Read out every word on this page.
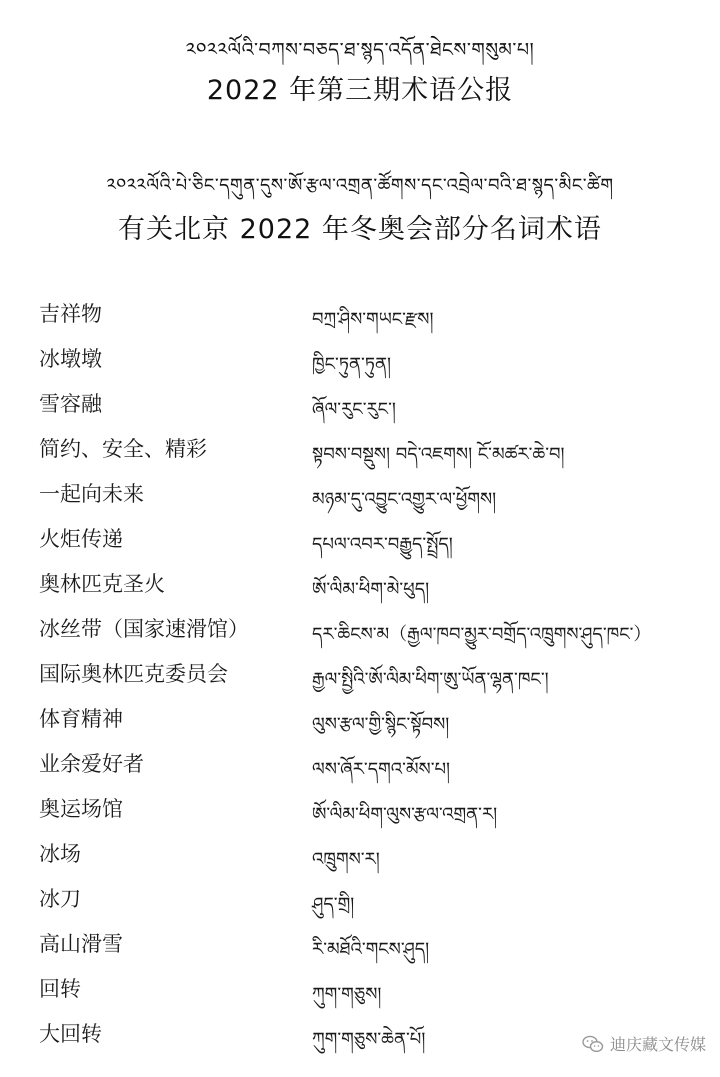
༢༠༢༢ལོའི་བཀས་བཅད་ཐ་སྙད་འདོན་ཐེངས་གསུམ་པ།
2022 年第三期术语公报
༢༠༢༢ལོའི་པེ་ཅིང་དགུན་དུས་ཨོ་རྩལ་འགྲན་ཚོགས་དང་འབྲེལ་བའི་ཐ་སྙད་མིང་ཚིག
有关北京 2022 年冬奥会部分名词术语
吉祥物	བཀྲ་ཤིས་གཡང་རྫས།
冰墩墩	ཁྱིང་ཏུན་ཏུན།
雪容融	ཞོལ་རུང་རུང་།
简约、安全、精彩	སྟབས་བསྡུས། བདེ་འཇགས། ངོ་མཚར་ཆེ་བ།
一起向未来	མཉམ་དུ་འབྱུང་འགྱུར་ལ་ཕྱོགས།
火炬传递	དཔལ་འབར་བརྒྱུད་སྤྲོད།
奥林匹克圣火	ཨོ་ལིམ་ཕིག་མེ་ཕུད།
冰丝带（国家速滑馆）	དར་ཆིངས་མ（རྒྱལ་ཁབ་མྱུར་བགྲོད་འཁྲུགས་ཤུད་ཁང་）
国际奥林匹克委员会	རྒྱལ་སྤྱིའི་ཨོ་ལིམ་ཕིག་ཨུ་ཡོན་ལྷན་ཁང་།
体育精神	ལུས་རྩལ་གྱི་སྙིང་སྟོབས།
业余爱好者	ལས་ཞོར་དགའ་མོས་པ།
奥运场馆	ཨོ་ལིམ་ཕིག་ལུས་རྩལ་འགྲན་ར།
冰场	འཁྲུགས་ར།
冰刀	ཤུད་གྲི།
高山滑雪	རི་མཐོའི་གངས་ཤུད།
回转	ཀུག་གཅུས།
大回转	ཀུག་གཅུས་ཆེན་པོ།	迪庆藏文传媒
